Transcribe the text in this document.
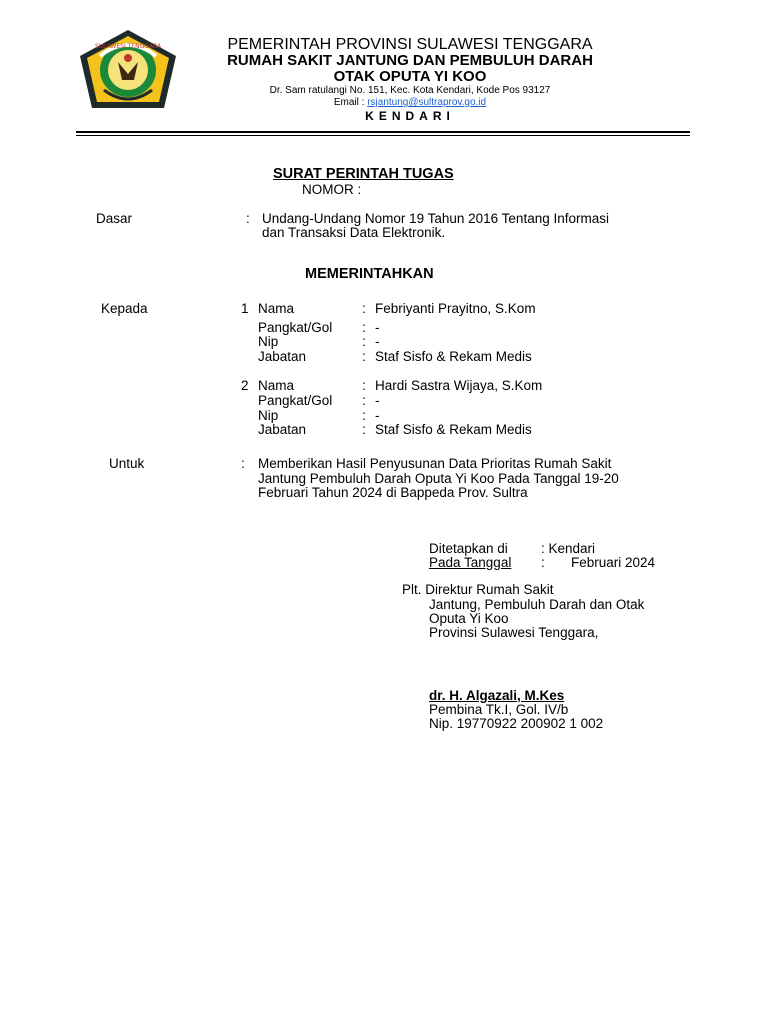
SULAWESI TENGGARA	PEMERINTAH PROVINSI SULAWESI TENGGARA
RUMAH SAKIT JANTUNG DAN PEMBULUH DARAH
OTAK OPUTA YI KOO
Dr. Sam ratulangi No. 151, Kec. Kota Kendari, Kode Pos 93127
Email : rsjantung@sultraprov.go.id
KENDARI
SURAT PERINTAH TUGAS
NOMOR :
Dasar	: Undang-Undang Nomor 19 Tahun 2016 Tentang Informasi
dan Transaksi Data Elektronik.
MEMERINTAHKAN
Kepada	1 Nama	: Febriyanti Prayitno, S.Kom
Pangkat/Gol : -
Nip	: -
Jabatan	: Staf Sisfo & Rekam Medis
2 Nama	: Hardi Sastra Wijaya, S.Kom
Pangkat/Gol : -
Nip	: -
Jabatan	: Staf Sisfo & Rekam Medis
Untuk	: Memberikan Hasil Penyusunan Data Prioritas Rumah Sakit
Jantung Pembuluh Darah Oputa Yi Koo Pada Tanggal 19-20
Februari Tahun 2024 di Bappeda Prov. Sultra
Ditetapkan di : Kendari
Pada Tanggal : Februari 2024
Plt. Direktur Rumah Sakit
Jantung, Pembuluh Darah dan Otak
Oputa Yi Koo
Provinsi Sulawesi Tenggara,
dr. H. Algazali, M.Kes
Pembina Tk.I, Gol. IV/b
Nip. 19770922 200902 1 002
